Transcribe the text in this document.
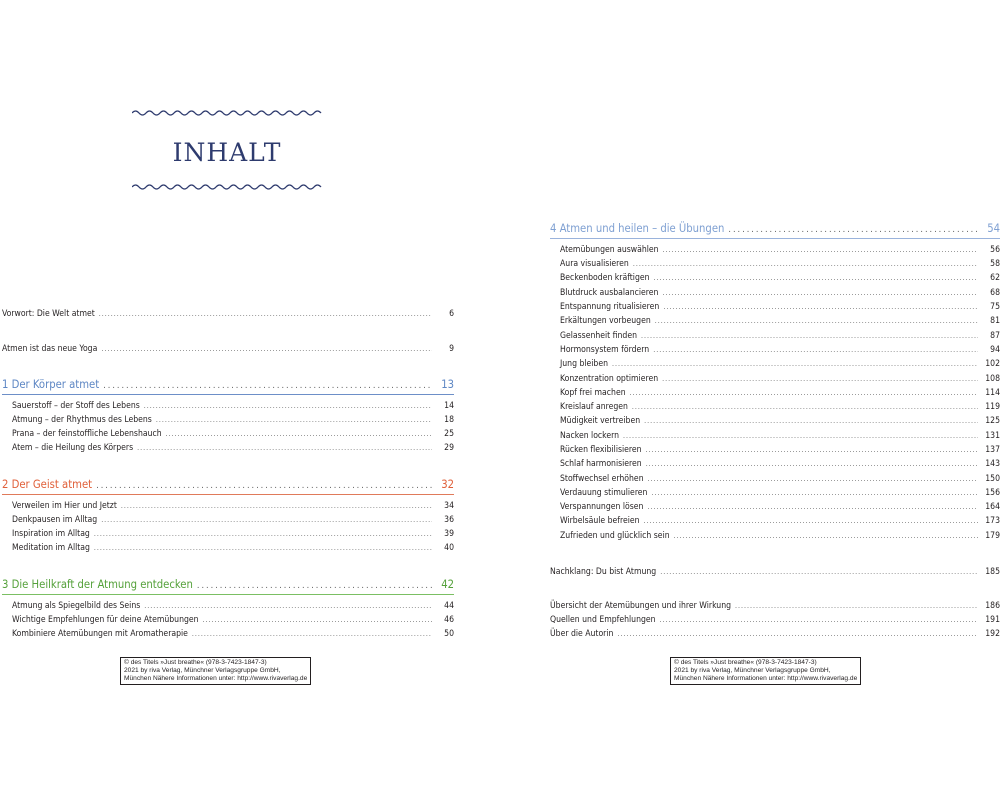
INHALT
Vorwort: Die Welt atmet .....	6
Atmen ist das neue Yoga .....	9
1 Der Körper atmet .....	13
Sauerstoff – der Stoff des Lebens .....	14
Atmung – der Rhythmus des Lebens .....	18
Prana – der feinstoffliche Lebenshauch .....	25
Atem – die Heilung des Körpers .....	29
2 Der Geist atmet .....	32
Verweilen im Hier und Jetzt .....	34
Denkpausen im Alltag .....	36
Inspiration im Alltag .....	39
Meditation im Alltag .....	40
3 Die Heilkraft der Atmung entdecken .....	42
Atmung als Spiegelbild des Seins .....	44
Wichtige Empfehlungen für deine Atemübungen .....	46
Kombiniere Atemübungen mit Aromatherapie .....	50
© des Titels »Just breathe« (978-3-7423-1847-3)
2021 by riva Verlag, Münchner Verlagsgruppe GmbH,
München Nähere Informationen unter: http://www.rivaverlag.de
4 Atmen und heilen – die Übungen .....	54
Atemübungen auswählen .....	56
Aura visualisieren .....	58
Beckenboden kräftigen .....	62
Blutdruck ausbalancieren .....	68
Entspannung ritualisieren .....	75
Erkältungen vorbeugen .....	81
Gelassenheit finden .....	87
Hormonsystem fördern .....	94
Jung bleiben .....	102
Konzentration optimieren .....	108
Kopf frei machen .....	114
Kreislauf anregen .....	119
Müdigkeit vertreiben .....	125
Nacken lockern .....	131
Rücken flexibilisieren .....	137
Schlaf harmonisieren .....	143
Stoffwechsel erhöhen .....	150
Verdauung stimulieren .....	156
Verspannungen lösen .....	164
Wirbelsäule befreien .....	173
Zufrieden und glücklich sein .....	179
Nachklang: Du bist Atmung .....	185
Übersicht der Atemübungen und ihrer Wirkung .....	186
Quellen und Empfehlungen .....	191
Über die Autorin .....	192
© des Titels »Just breathe« (978-3-7423-1847-3)
2021 by riva Verlag, Münchner Verlagsgruppe GmbH,
München Nähere Informationen unter: http://www.rivaverlag.de
